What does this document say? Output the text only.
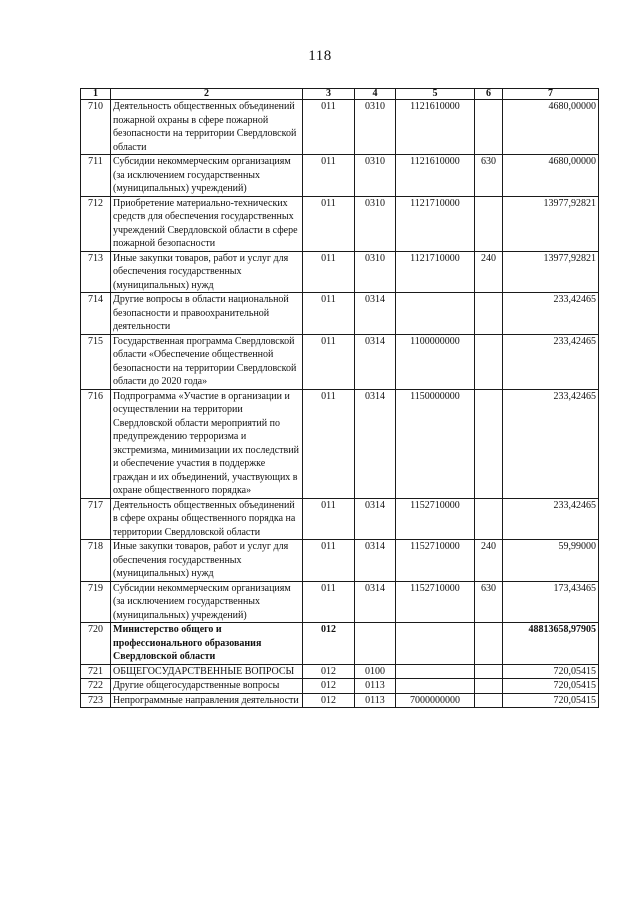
118
1	2	3	4	5	6	7
710	Деятельность общественных объединений пожарной охраны в сфере пожарной безопасности на территории Свердловской области	011	0310	1121610000		4680,00000
711	Субсидии некоммерческим организациям (за исключением государственных (муниципальных) учреждений)	011	0310	1121610000	630	4680,00000
712	Приобретение материально-технических средств для обеспечения государственных учреждений Свердловской области в сфере пожарной безопасности	011	0310	1121710000		13977,92821
713	Иные закупки товаров, работ и услуг для обеспечения государственных (муниципальных) нужд	011	0310	1121710000	240	13977,92821
714	Другие вопросы в области национальной безопасности и правоохранительной деятельности	011	0314			233,42465
715	Государственная программа Свердловской области «Обеспечение общественной безопасности на территории Свердловской области до 2020 года»	011	0314	1100000000		233,42465
716	Подпрограмма «Участие в организации и осуществлении на территории Свердловской области мероприятий по предупреждению терроризма и экстремизма, минимизации их последствий и обеспечение участия в поддержке граждан и их объединений, участвующих в охране общественного порядка»	011	0314	1150000000		233,42465
717	Деятельность общественных объединений в сфере охраны общественного порядка на территории Свердловской области	011	0314	1152710000		233,42465
718	Иные закупки товаров, работ и услуг для обеспечения государственных (муниципальных) нужд	011	0314	1152710000	240	59,99000
719	Субсидии некоммерческим организациям (за исключением государственных (муниципальных) учреждений)	011	0314	1152710000	630	173,43465
720	Министерство общего и профессионального образования Свердловской области	012				48813658,97905
721	ОБЩЕГОСУДАРСТВЕННЫЕ ВОПРОСЫ	012	0100			720,05415
722	Другие общегосударственные вопросы	012	0113			720,05415
723	Непрограммные направления деятельности	012	0113	7000000000		720,05415
